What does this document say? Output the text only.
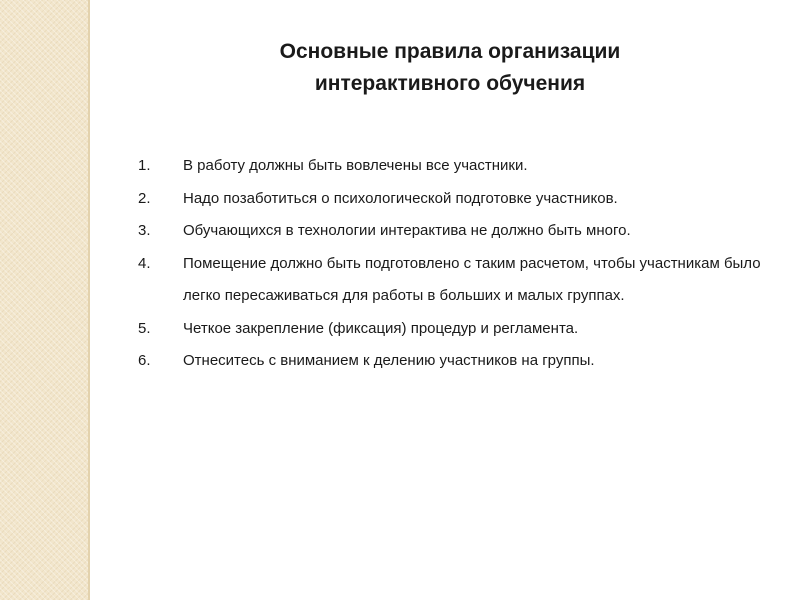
Основные правила организации
интерактивного обучения
1. В работу должны быть вовлечены все участники.
2. Надо позаботиться о психологической подготовке участников.
3. Обучающихся в технологии интерактива не должно быть много.
4. Помещение должно быть подготовлено с таким расчетом, чтобы участникам было легко пересаживаться для работы в больших и малых группах.
5. Четкое закрепление (фиксация) процедур и регламента.
6. Отнеситесь с вниманием к делению участников на группы.
